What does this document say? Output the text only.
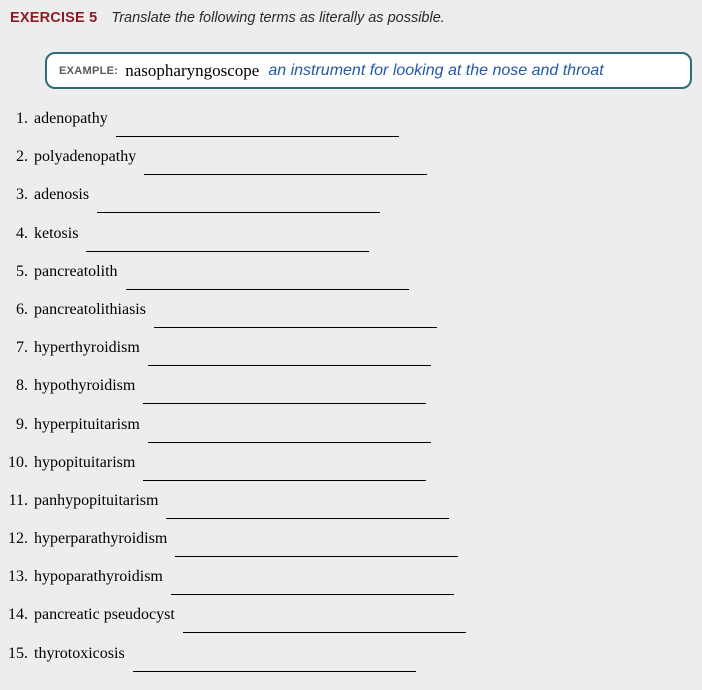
EXERCISE 5 Translate the following terms as literally as possible.
EXAMPLE: nasopharyngoscope an instrument for looking at the nose and throat
1. adenopathy
2. polyadenopathy
3. adenosis
4. ketosis
5. pancreatolith
6. pancreatolithiasis
7. hyperthyroidism
8. hypothyroidism
9. hyperpituitarism
10. hypopituitarism
11. panhypopituitarism
12. hyperparathyroidism
13. hypoparathyroidism
14. pancreatic pseudocyst
15. thyrotoxicosis
